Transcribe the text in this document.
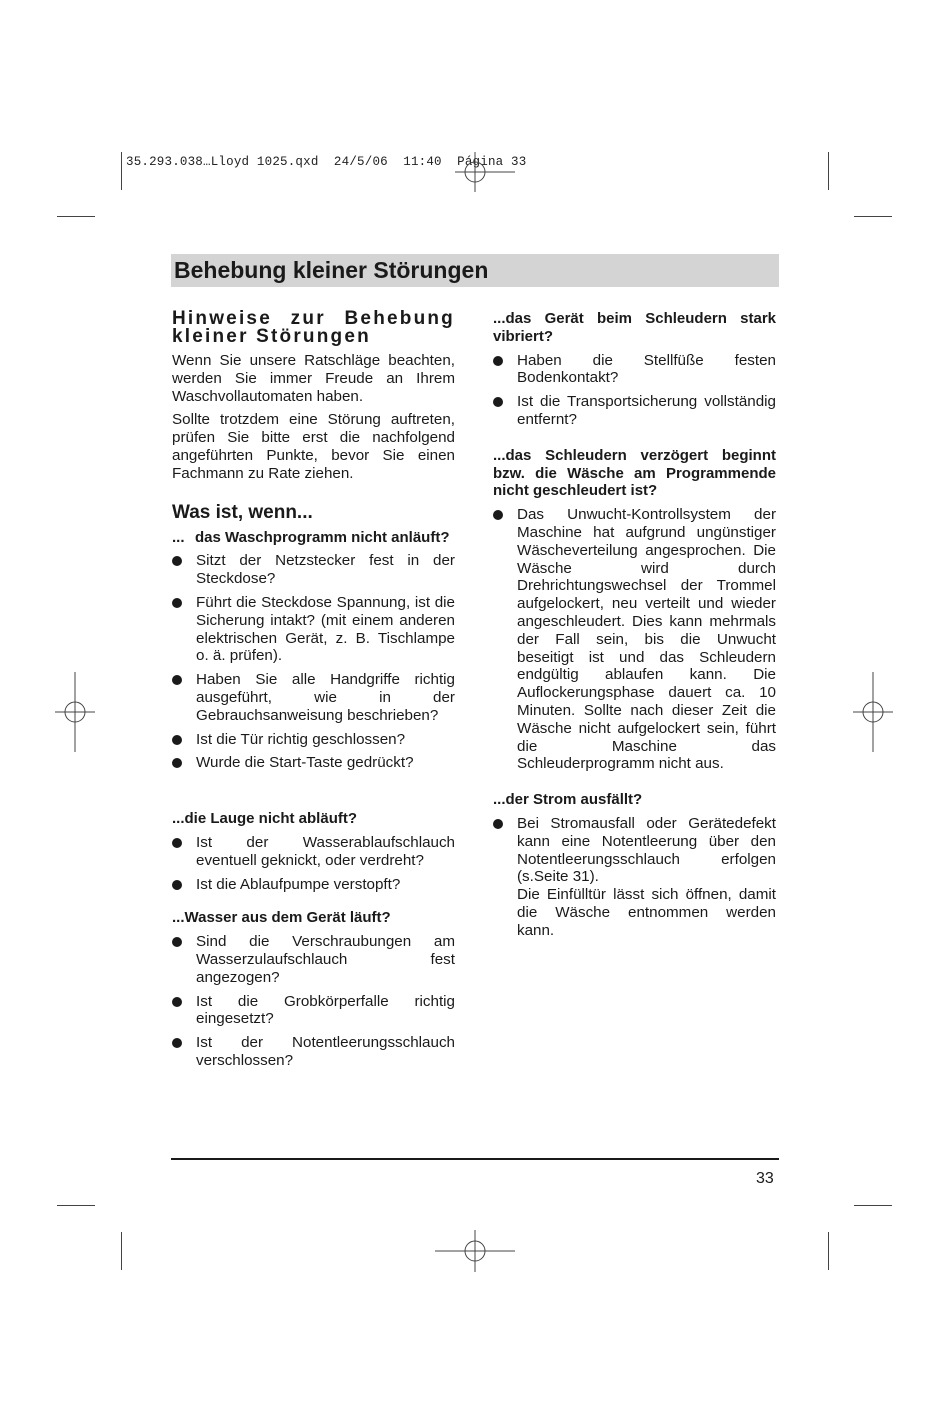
35.293.038…Lloyd 1025.qxd  24/5/06  11:40  Página 33
Behebung kleiner Störungen

Hinweise zur Behebung kleiner Störungen

Wenn Sie unsere Ratschläge beachten, werden Sie immer Freude an Ihrem Waschvollautomaten haben.

Sollte trotzdem eine Störung auftreten, prüfen Sie bitte erst die nachfolgend angeführten Punkte, bevor Sie einen Fachmann zu Rate ziehen.

Was ist, wenn...

... das Waschprogramm nicht anläuft?
Sitzt der Netzstecker fest in der Steckdose?
Führt die Steckdose Spannung, ist die Sicherung intakt? (mit einem anderen elektrischen Gerät, z. B. Tischlampe o. ä. prüfen).
Haben Sie alle Handgriffe richtig ausgeführt, wie in der Gebrauchsanweisung beschrieben?
Ist die Tür richtig geschlossen?
Wurde die Start-Taste gedrückt?

...die Lauge nicht abläuft?

Ist der Wasserablaufschlauch eventuell geknickt, oder verdreht?
Ist die Ablaufpumpe verstopft?

...Wasser aus dem Gerät läuft?

Sind die Verschraubungen am Wasserzulaufschlauch fest angezogen?
Ist die Grobkörperfalle richtig eingesetzt?
Ist der Notentleerungsschlauch verschlossen?

...das Gerät beim Schleudern stark vibriert?

Haben die Stellfüße festen Bodenkontakt?
Ist die Transportsicherung vollständig entfernt?

...das Schleudern verzögert beginnt bzw. die Wäsche am Programmende nicht geschleudert ist?

Das Unwucht-Kontrollsystem der Maschine hat aufgrund ungünstiger Wäscheverteilung angesprochen. Die Wäsche wird durch Drehrichtungswechsel der Trommel aufgelockert, neu verteilt und wieder angeschleudert. Dies kann mehrmals der Fall sein, bis die Unwucht beseitigt ist und das Schleudern endgültig ablaufen kann. Die Auflockerungsphase dauert ca. 10 Minuten. Sollte nach dieser Zeit die Wäsche nicht aufgelockert sein, führt die Maschine das Schleuderprogramm nicht aus.

...der Strom ausfällt?

Bei Stromausfall oder Gerätedefekt kann eine Notentleerung über den Notentleerungsschlauch erfolgen (s.Seite 31).
Die Einfülltür lässt sich öffnen, damit die Wäsche entnommen werden kann.
33
